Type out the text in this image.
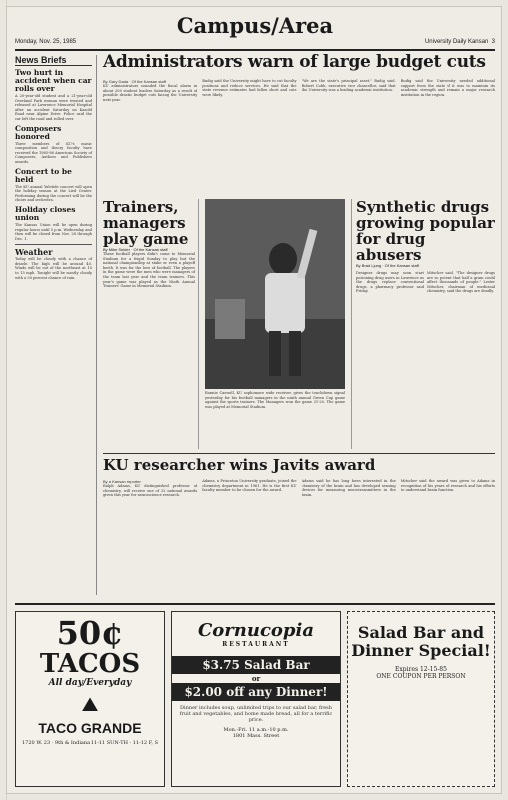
Monday, Nov. 25, 1985
Campus/Area
University Daily Kansan 3
News Briefs
Two hurt in accident when car rolls over
A 20-year-old student and a 21-year-old Overland Park woman were treated and released at Lawrence Memorial Hospital after an accident Saturday on Kasold Road near Alpine Drive. Police said the car left the road and rolled over.
Composers honored
Three members of KU's music composition and theory faculty have received the 1985-86 American Society of Composers, Authors and Publishers awards.
Concert to be held
The KU annual Yuletide concert will open the holiday season at the Lied Center. Performing during the concert will be the choirs and orchestra.
Holiday closes union
The Kansas Union will be open during regular hours until 5 p.m. Wednesday and then will be closed from Nov. 28 through Dec. 1.
Weather
Today will be cloudy with a chance of drizzle. The high will be around 40. Winds will be out of the northeast at 10 to 15 mph. Tonight will be mostly cloudy with a 50 percent chance of rain.
Administrators warn of large budget cuts
By Gary Dada · Of the Kansan staff
KU administrators sounded the fiscal alarm in about 200 student leaders Saturday as a result of possible drastic budget cuts facing the University next year.
Budig said the University might have to cut faculty positions and reduce services. He said that the state revenue estimates had fallen short and cuts were likely.
"We are the state's principal asset," Budig said. Robert Cobb, executive vice chancellor, said that the University was a leading academic institution.
Budig said the University needed additional support from the state if it was to maintain its academic strength and remain a major research institution in the region.
Trainers, managers play game
By Mike Snider · Of the Kansan staff
These football players didn't come to Memorial Stadium for a frigid Sunday to play but the national championship at stake or even a playoff berth. It was for the love of football. The players in the game were the men who were managers of the team last year and the team trainers. This year's game was played as the Ninth Annual Trainers' Game in Memorial Stadium.
Ronnie Caswell, KU sophomore wide receiver, gives the touchdown signal yesterday for his football managers in the ninth annual Green Cup game against the sports trainers. The Managers won the game 21-20. The game was played at Memorial Stadium.
Synthetic drugs growing popular for drug abusers
By Brad Ljung · Of the Kansan staff
Designer drugs may soon start poisoning drug users in Lawrence as the drugs replace conventional drugs, a pharmacy professor said Friday.
Mitscher said, "The designer drugs are so potent that half a gram could affect thousands of people." Lester Mitscher, chairman of medicinal chemistry, said the drugs are deadly.
KU researcher wins Javits award
By a Kansan reporter
Ralph Adams, KU distinguished professor of chemistry, will receive one of 32 national awards given this year for neuroscience research.
Adams, a Princeton University graduate, joined the chemistry department in 1961. He is the first KU faculty member to be chosen for the award.
Adams said he has long been interested in the chemistry of the brain and has developed sensing devices for measuring neurotransmitters in the brain.
Mitscher said the award was given to Adams in recognition of his years of research and his efforts to understand brain function.
50¢
TACOS
All day/Everyday
⛰
TACO GRANDE
1720 W. 23 · 9th & Indiana 11-11 SUN-TH · 11-12 F, S
Cornucopia
RESTAURANT
$3.75 Salad Bar
or
$2.00 off any Dinner!
Dinner includes soup, unlimited trips to our salad bar, fresh fruit and vegetables, and home made bread, all for a terrific price.
Mon.-Fri. 11 a.m.-10 p.m.
1801 Mass. Street
Salad Bar and Dinner Special!
Expires 12-15-85
ONE COUPON PER PERSON
